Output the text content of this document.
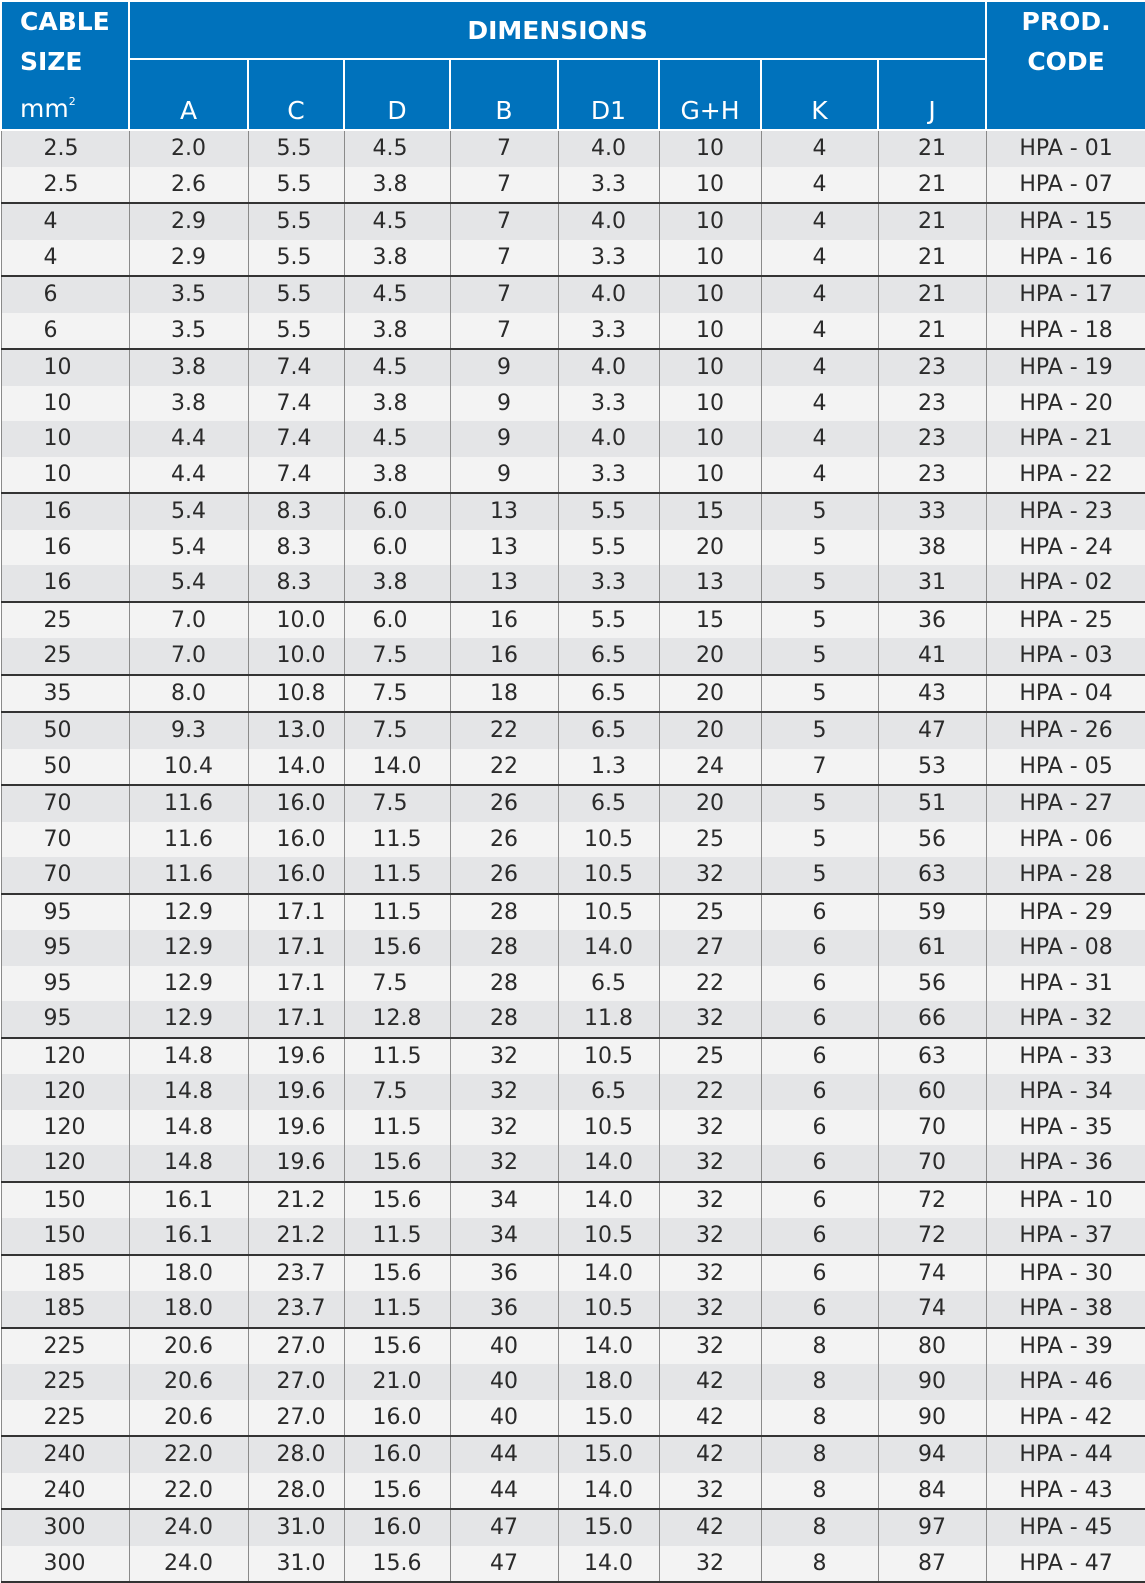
CABLE
SIZE
$mm^2$	DIMENSIONS								PROD.
CODE

	A	C	D	B	D1	G+H	K	J	
2.5	2.0	5.5	4.5	7	4.0	10	4	21	HPA - 01
2.5	2.6	5.5	3.8	7	3.3	10	4	21	HPA - 07
4	2.9	5.5	4.5	7	4.0	10	4	21	HPA - 15
4	2.9	5.5	3.8	7	3.3	10	4	21	HPA - 16
6	3.5	5.5	4.5	7	4.0	10	4	21	HPA - 17
6	3.5	5.5	3.8	7	3.3	10	4	21	HPA - 18
10	3.8	7.4	4.5	9	4.0	10	4	23	HPA - 19
10	3.8	7.4	3.8	9	3.3	10	4	23	HPA - 20
10	4.4	7.4	4.5	9	4.0	10	4	23	HPA - 21
10	4.4	7.4	3.8	9	3.3	10	4	23	HPA - 22
16	5.4	8.3	6.0	13	5.5	15	5	33	HPA - 23
16	5.4	8.3	6.0	13	5.5	20	5	38	HPA - 24
16	5.4	8.3	3.8	13	3.3	13	5	31	HPA - 02
25	7.0	10.0	6.0	16	5.5	15	5	36	HPA - 25
25	7.0	10.0	7.5	16	6.5	20	5	41	HPA - 03
35	8.0	10.8	7.5	18	6.5	20	5	43	HPA - 04
50	9.3	13.0	7.5	22	6.5	20	5	47	HPA - 26
50	10.4	14.0	14.0	22	1.3	24	7	53	HPA - 05
70	11.6	16.0	7.5	26	6.5	20	5	51	HPA - 27
70	11.6	16.0	11.5	26	10.5	25	5	56	HPA - 06
70	11.6	16.0	11.5	26	10.5	32	5	63	HPA - 28
95	12.9	17.1	11.5	28	10.5	25	6	59	HPA - 29
95	12.9	17.1	15.6	28	14.0	27	6	61	HPA - 08
95	12.9	17.1	7.5	28	6.5	22	6	56	HPA - 31
95	12.9	17.1	12.8	28	11.8	32	6	66	HPA - 32
120	14.8	19.6	11.5	32	10.5	25	6	63	HPA - 33
120	14.8	19.6	7.5	32	6.5	22	6	60	HPA - 34
120	14.8	19.6	11.5	32	10.5	32	6	70	HPA - 35
120	14.8	19.6	15.6	32	14.0	32	6	70	HPA - 36
150	16.1	21.2	15.6	34	14.0	32	6	72	HPA - 10
150	16.1	21.2	11.5	34	10.5	32	6	72	HPA - 37
185	18.0	23.7	15.6	36	14.0	32	6	74	HPA - 30
185	18.0	23.7	11.5	36	10.5	32	6	74	HPA - 38
225	20.6	27.0	15.6	40	14.0	32	8	80	HPA - 39
225	20.6	27.0	21.0	40	18.0	42	8	90	HPA - 46
225	20.6	27.0	16.0	40	15.0	42	8	90	HPA - 42
240	22.0	28.0	16.0	44	15.0	42	8	94	HPA - 44
240	22.0	28.0	15.6	44	14.0	32	8	84	HPA - 43
300	24.0	31.0	16.0	47	15.0	42	8	97	HPA - 45
300	24.0	31.0	15.6	47	14.0	32	8	87	HPA - 47
